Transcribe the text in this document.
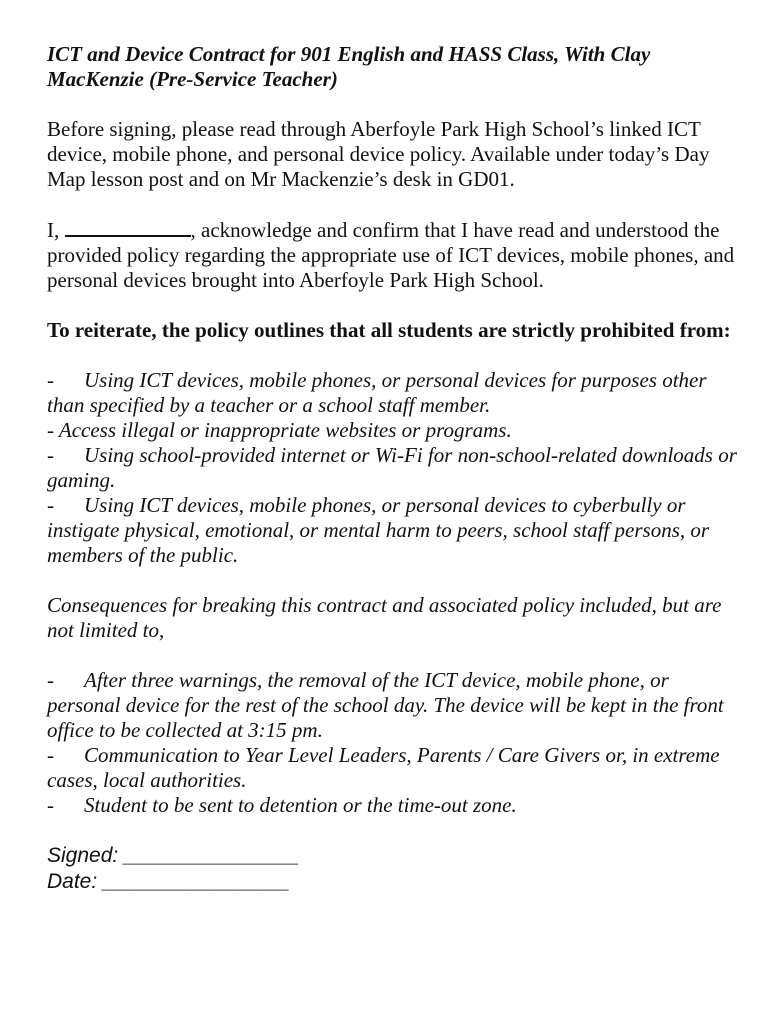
ICT and Device Contract for 901 English and HASS Class, With Clay MacKenzie (Pre-Service Teacher)

Before signing, please read through Aberfoyle Park High School’s linked ICT device, mobile phone, and personal device policy. Available under today’s Day Map lesson post and on Mr Mackenzie’s desk in GD01.

I,	, acknowledge and confirm that I have read and understood the provided policy regarding the appropriate use of ICT devices, mobile phones, and personal devices brought into Aberfoyle Park High School.

To reiterate, the policy outlines that all students are strictly prohibited from:

- Using ICT devices, mobile phones, or personal devices for purposes other than specified by a teacher or a school staff member.
- Access illegal or inappropriate websites or programs.
- Using school-provided internet or Wi-Fi for non-school-related downloads or gaming.
- Using ICT devices, mobile phones, or personal devices to cyberbully or instigate physical, emotional, or mental harm to peers, school staff persons, or members of the public.

Consequences for breaking this contract and associated policy included, but are not limited to,

- After three warnings, the removal of the ICT device, mobile phone, or personal device for the rest of the school day. The device will be kept in the front office to be collected at 3:15 pm.
- Communication to Year Level Leaders, Parents / Care Givers or, in extreme cases, local authorities.
- Student to be sent to detention or the time-out zone.
Signed: _______________
Date: ________________
